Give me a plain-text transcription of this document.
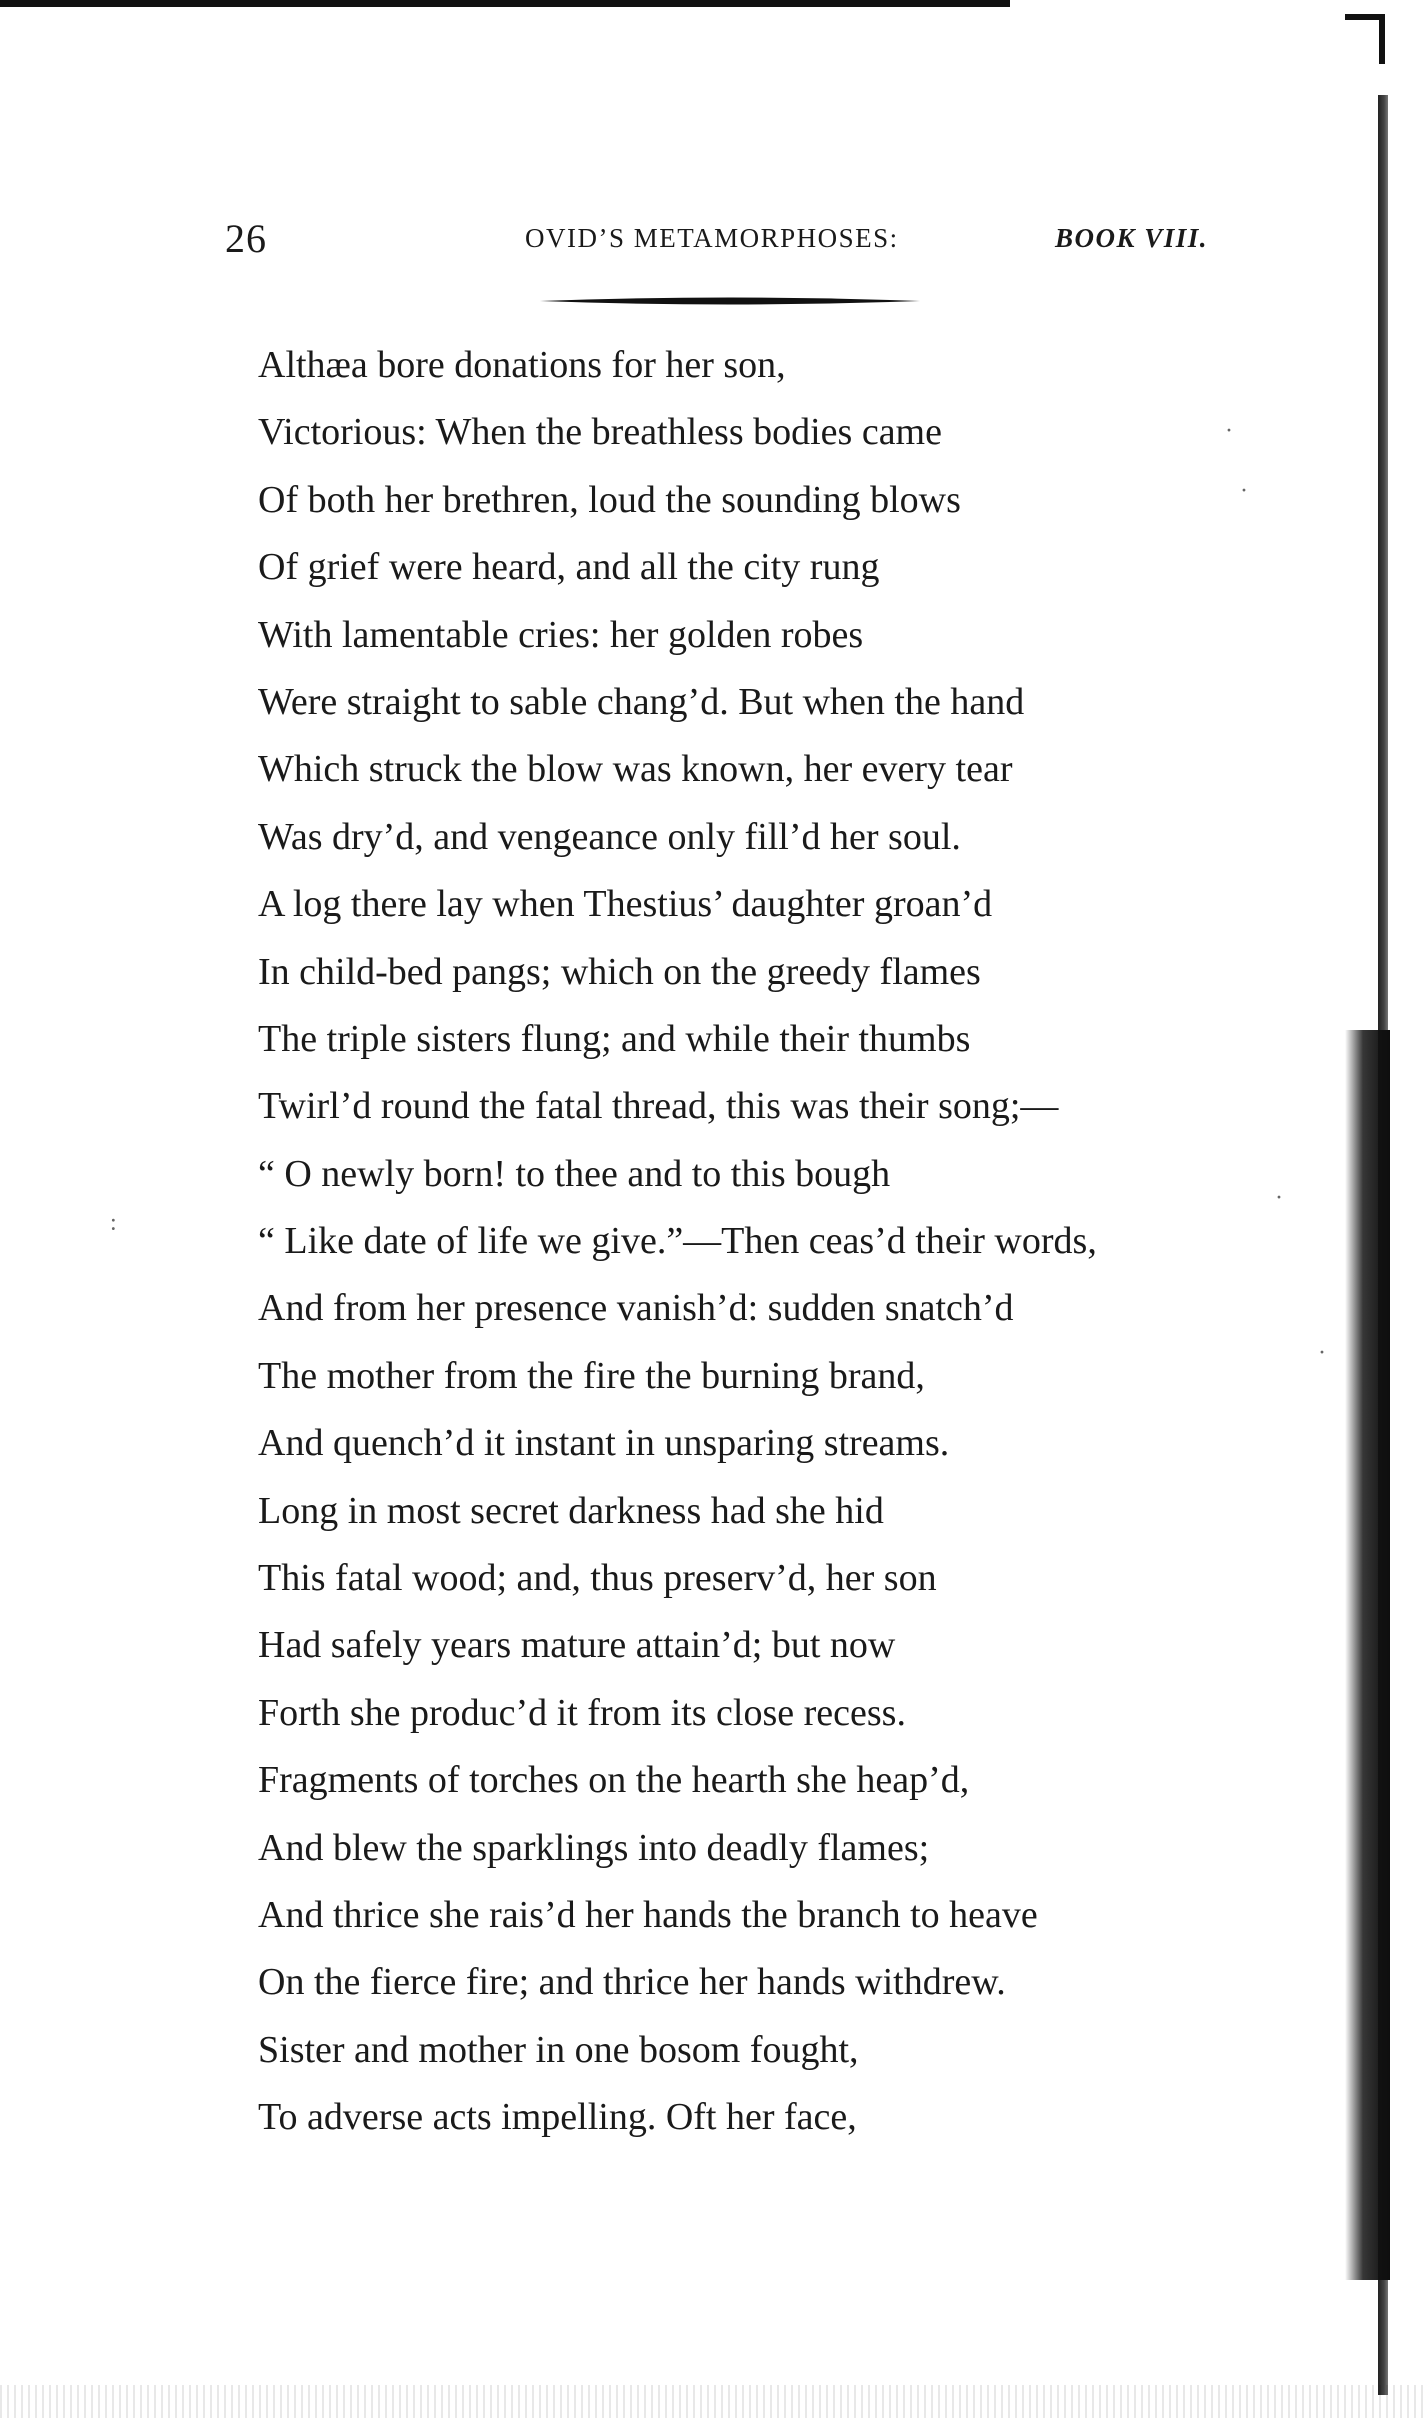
·
·
·
·
:
26	OVID’S METAMORPHOSES:	BOOK VIII.
Althæa bore donations for her son,
Victorious: When the breathless bodies came
Of both her brethren, loud the sounding blows
Of grief were heard, and all the city rung
With lamentable cries: her golden robes
Were straight to sable chang’d. But when the hand
Which struck the blow was known, her every tear
Was dry’d, and vengeance only fill’d her soul.
A log there lay when Thestius’ daughter groan’d
In child-bed pangs; which on the greedy flames
The triple sisters flung; and while their thumbs
Twirl’d round the fatal thread, this was their song;—
“ O newly born! to thee and to this bough
“ Like date of life we give.”—Then ceas’d their words,
And from her presence vanish’d: sudden snatch’d
The mother from the fire the burning brand,
And quench’d it instant in unsparing streams.
Long in most secret darkness had she hid
This fatal wood; and, thus preserv’d, her son
Had safely years mature attain’d; but now
Forth she produc’d it from its close recess.
Fragments of torches on the hearth she heap’d,
And blew the sparklings into deadly flames;
And thrice she rais’d her hands the branch to heave
On the fierce fire; and thrice her hands withdrew.
Sister and mother in one bosom fought,
To adverse acts impelling. Oft her face,
